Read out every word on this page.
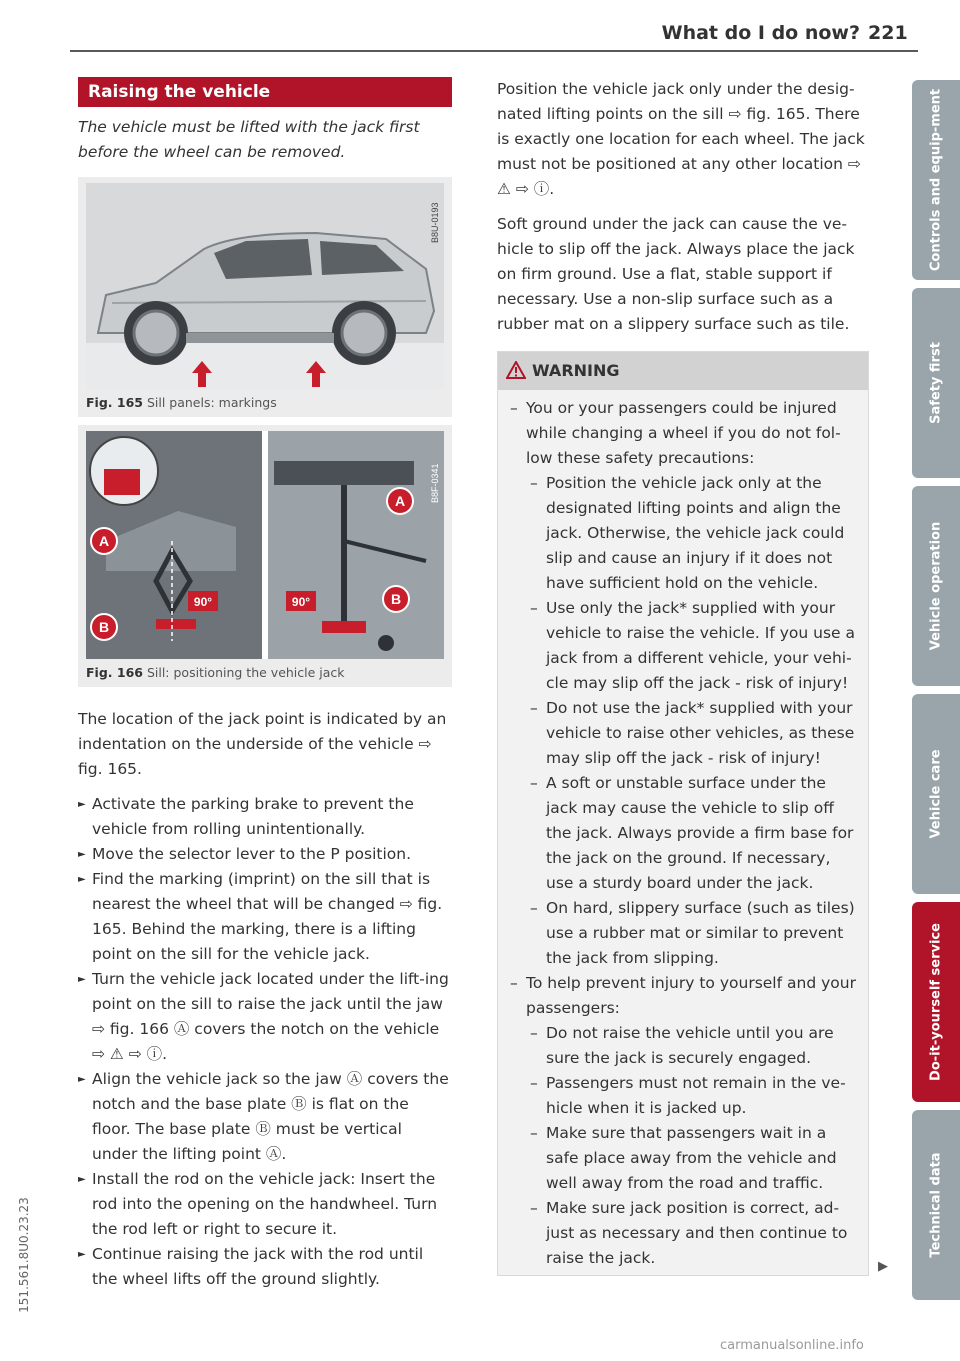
What do I do now? 221
Raising the vehicle
The vehicle must be lifted with the jack first before the wheel can be removed.
B8U-0193
Fig. 165 Sill panels: markings
90°
A
B
90°
A
B
B8F-0341
Fig. 166 Sill: positioning the vehicle jack

The location of the jack point is indicated by an indentation on the underside of the vehicle ⇨ fig. 165.

► Activate the parking brake to prevent the vehicle from rolling unintentionally.

► Move the selector lever to the P position.

► Find the marking (imprint) on the sill that is nearest the wheel that will be changed ⇨ fig. 165. Behind the marking, there is a lifting point on the sill for the vehicle jack.

► Turn the vehicle jack located under the lift-ing point on the sill to raise the jack until the jaw ⇨ fig. 166 Ⓐ covers the notch on the vehicle ⇨ ⚠ ⇨ ⓘ.

► Align the vehicle jack so the jaw Ⓐ covers the notch and the base plate Ⓑ is flat on the floor. The base plate Ⓑ must be vertical under the lifting point Ⓐ.

► Install the rod on the vehicle jack: Insert the rod into the opening on the handwheel. Turn the rod left or right to secure it.

► Continue raising the jack with the rod until the wheel lifts off the ground slightly.

Position the vehicle jack only under the desig-nated lifting points on the sill ⇨ fig. 165. There is exactly one location for each wheel. The jack must not be positioned at any other location ⇨ ⚠ ⇨ ⓘ.

Soft ground under the jack can cause the ve-hicle to slip off the jack. Always place the jack on firm ground. Use a flat, stable support if necessary. Use a non-slip surface such as a rubber mat on a slippery surface such as tile.

WARNING

– You or your passengers could be injured while changing a wheel if you do not fol-low these safety precautions:

– Position the vehicle jack only at the designated lifting points and align the jack. Otherwise, the vehicle jack could slip and cause an injury if it does not have sufficient hold on the vehicle.

– Use only the jack* supplied with your vehicle to raise the vehicle. If you use a jack from a different vehicle, your vehi-cle may slip off the jack - risk of injury!

– Do not use the jack* supplied with your vehicle to raise other vehicles, as these may slip off the jack - risk of injury!

– A soft or unstable surface under the jack may cause the vehicle to slip off the jack. Always provide a firm base for the jack on the ground. If necessary, use a sturdy board under the jack.

– On hard, slippery surface (such as tiles) use a rubber mat or similar to prevent the jack from slipping.

– To help prevent injury to yourself and your passengers:

– Do not raise the vehicle until you are sure the jack is securely engaged.

– Passengers must not remain in the ve-hicle when it is jacked up.

– Make sure that passengers wait in a safe place away from the vehicle and well away from the road and traffic.

– Make sure jack position is correct, ad-just as necessary and then continue to raise the jack.	▶
Controls and equip-ment
Safety first
Vehicle operation
Vehicle care
Do-it-yourself service
Technical data
151.561.8U0.23.23
carmanualsonline.info
